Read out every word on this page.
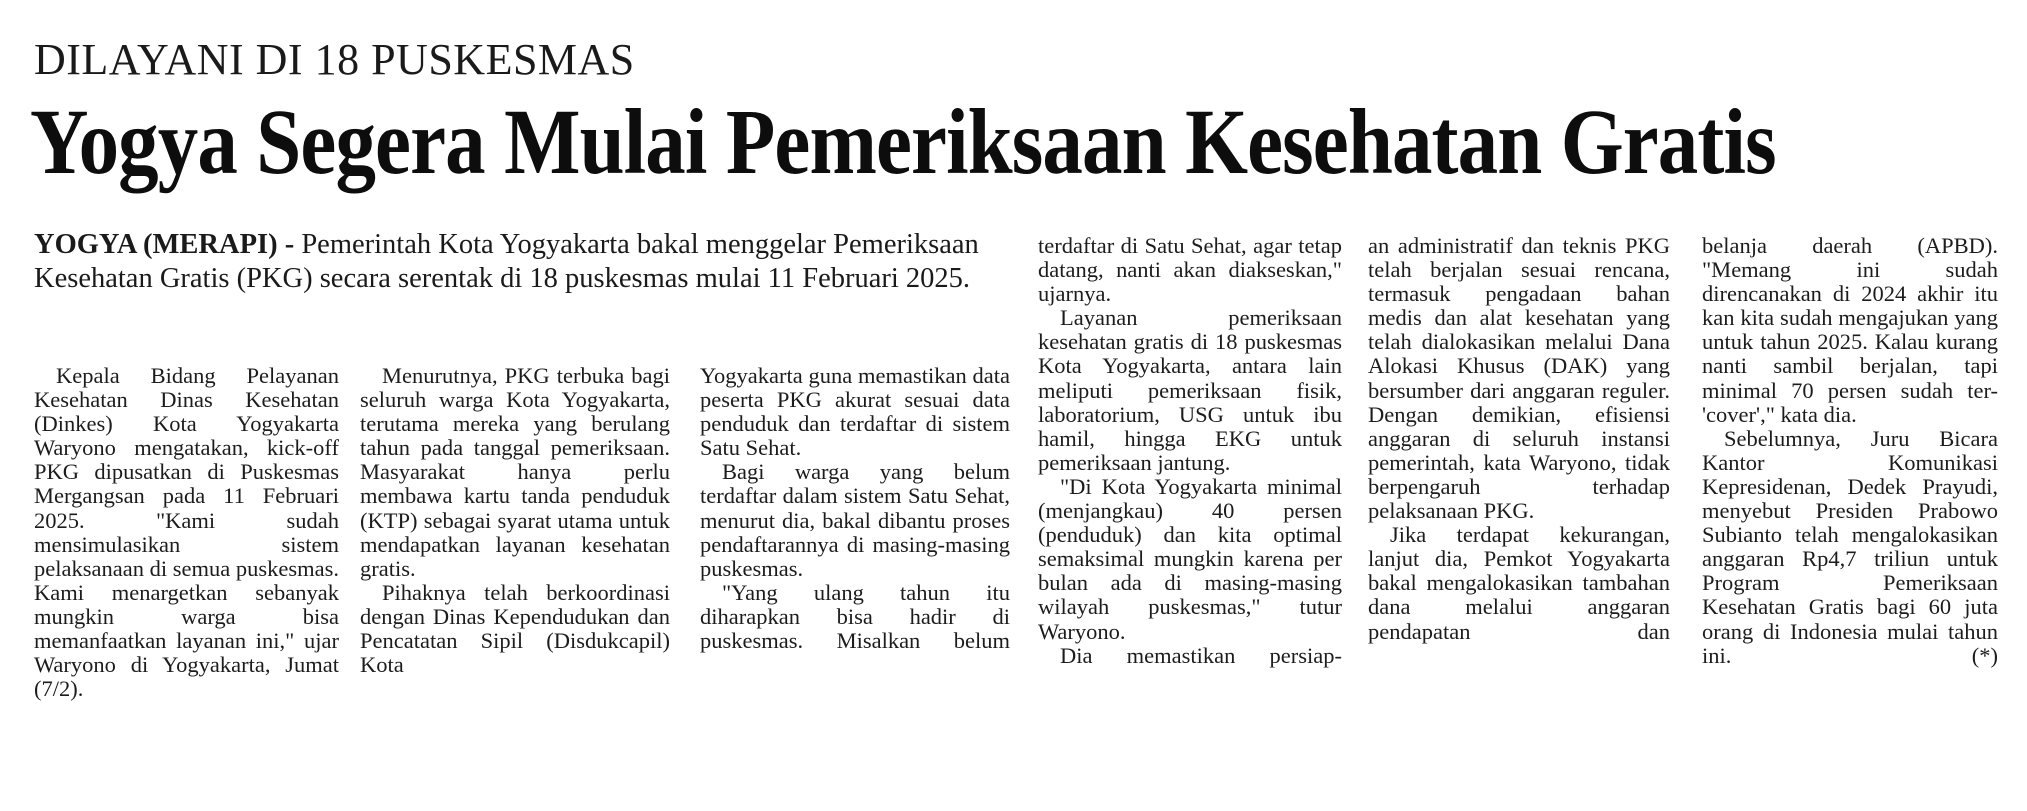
DILAYANI DI 18 PUSKESMAS
Yogya Segera Mulai Pemeriksaan Kesehatan Gratis
YOGYA (MERAPI) - Pemerintah Kota Yogyakarta bakal menggelar Pemeriksaan Kesehatan Gratis (PKG) secara serentak di 18 puskesmas mulai 11 Februari 2025.

Kepala Bidang Pelayanan Kesehatan Dinas Kesehatan (Dinkes) Kota Yogyakarta Waryono mengatakan, kick-off PKG dipusatkan di Puskesmas Mergangsan pada 11 Februari 2025. "Kami sudah mensimulasikan sistem pelaksanaan di semua puskesmas. Kami menargetkan sebanyak mungkin warga bisa memanfaatkan layanan ini," ujar Waryono di Yogyakarta, Jumat (7/2).

Menurutnya, PKG terbuka bagi seluruh warga Kota Yogyakarta, terutama mereka yang berulang tahun pada tanggal pemeriksaan. Masyarakat hanya perlu membawa kartu tanda penduduk (KTP) sebagai syarat utama untuk mendapatkan layanan kesehatan gratis.

Pihaknya telah berkoordinasi dengan Dinas Kependudukan dan Pencatatan Sipil (Disdukcapil) Kota

Yogyakarta guna memastikan data peserta PKG akurat sesuai data penduduk dan terdaftar di sistem Satu Sehat.

Bagi warga yang belum terdaftar dalam sistem Satu Sehat, menurut dia, bakal dibantu proses pendaftarannya di masing-masing puskesmas.

"Yang ulang tahun itu diharapkan bisa hadir di puskesmas. Misalkan belum

terdaftar di Satu Sehat, agar tetap datang, nanti akan diakseskan," ujarnya.

Layanan pemeriksaan kesehatan gratis di 18 puskesmas Kota Yogyakarta, antara lain meliputi pemeriksaan fisik, laboratorium, USG untuk ibu hamil, hingga EKG untuk pemeriksaan jantung.

"Di Kota Yogyakarta minimal (menjangkau) 40 persen (penduduk) dan kita optimal semaksimal mungkin karena per bulan ada di masing-masing wilayah puskesmas," tutur Waryono.

Dia memastikan persiap-

an administratif dan teknis PKG telah berjalan sesuai rencana, termasuk pengadaan bahan medis dan alat kesehatan yang telah dialokasikan melalui Dana Alokasi Khusus (DAK) yang bersumber dari anggaran reguler. Dengan demikian, efisiensi anggaran di seluruh instansi pemerintah, kata Waryono, tidak berpengaruh terhadap pelaksanaan PKG.

Jika terdapat kekurangan, lanjut dia, Pemkot Yogyakarta bakal mengalokasikan tambahan dana melalui anggaran pendapatan dan

belanja daerah (APBD). "Memang ini sudah direncanakan di 2024 akhir itu kan kita sudah mengajukan yang untuk tahun 2025. Kalau kurang nanti sambil berjalan, tapi minimal 70 persen sudah ter-'cover'," kata dia.

Sebelumnya, Juru Bicara Kantor Komunikasi Kepresidenan, Dedek Prayudi, menyebut Presiden Prabowo Subianto telah mengalokasikan anggaran Rp4,7 triliun untuk Program Pemeriksaan Kesehatan Gratis bagi 60 juta orang di Indonesia mulai tahun ini.	(*)
